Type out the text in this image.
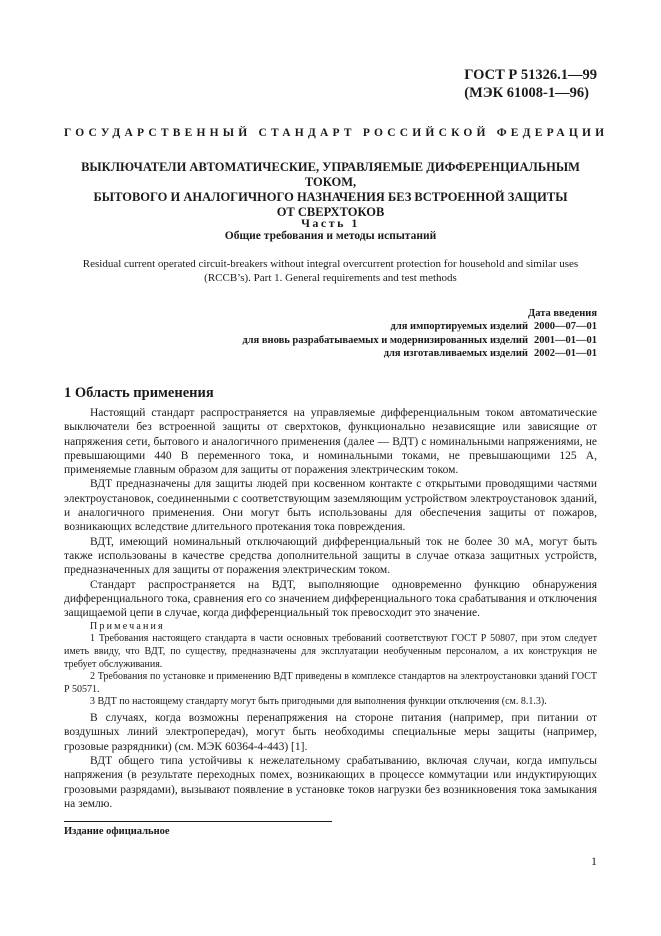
ГОСТ Р 51326.1—99
(МЭК 61008-1—96)
ГОСУДАРСТВЕННЫЙ СТАНДАРТ РОССИЙСКОЙ ФЕДЕРАЦИИ
ВЫКЛЮЧАТЕЛИ АВТОМАТИЧЕСКИЕ, УПРАВЛЯЕМЫЕ ДИФФЕРЕНЦИАЛЬНЫМ ТОКОМ,
БЫТОВОГО И АНАЛОГИЧНОГО НАЗНАЧЕНИЯ БЕЗ ВСТРОЕННОЙ ЗАЩИТЫ
ОТ СВЕРХТОКОВ
Часть 1
Общие требования и методы испытаний
Residual current operated circuit-breakers without integral overcurrent protection for household and similar uses
(RCCB’s). Part 1. General requirements and test methods
Дата введения
для импортируемых изделий 2000—07—01
для вновь разрабатываемых и модернизированных изделий 2001—01—01
для изготавливаемых изделий 2002—01—01
1 Область применения

Настоящий стандарт распространяется на управляемые дифференциальным током автоматические выключатели без встроенной защиты от сверхтоков, функционально независящие или зависящие от напряжения сети, бытового и аналогичного применения (далее — ВДТ) с номинальными напряжениями, не превышающими 440 В переменного тока, и номинальными токами, не превышающими 125 А, применяемые главным образом для защиты от поражения электрическим током.

ВДТ предназначены для защиты людей при косвенном контакте с открытыми проводящими частями электроустановок, соединенными с соответствующим заземляющим устройством электроустановок зданий, и аналогичного применения. Они могут быть использованы для обеспечения защиты от пожаров, возникающих вследствие длительного протекания тока повреждения.

ВДТ, имеющий номинальный отключающий дифференциальный ток не более 30 мА, могут быть также использованы в качестве средства дополнительной защиты в случае отказа защитных устройств, предназначенных для защиты от поражения электрическим током.

Стандарт распространяется на ВДТ, выполняющие одновременно функцию обнаружения дифференциального тока, сравнения его со значением дифференциального тока срабатывания и отключения защищаемой цепи в случае, когда дифференциальный ток превосходит это значение.

Примечания

1 Требования настоящего стандарта в части основных требований соответствуют ГОСТ Р 50807, при этом следует иметь ввиду, что ВДТ, по существу, предназначены для эксплуатации необученным персоналом, а их конструкция не требует обслуживания.

2 Требования по установке и применению ВДТ приведены в комплексе стандартов на электроустановки зданий ГОСТ Р 50571.

3 ВДТ по настоящему стандарту могут быть пригодными для выполнения функции отключения (см. 8.1.3).

В случаях, когда возможны перенапряжения на стороне питания (например, при питании от воздушных линий электропередач), могут быть необходимы специальные меры защиты (например, грозовые разрядники) (см. МЭК 60364-4-443) [1].

ВДТ общего типа устойчивы к нежелательному срабатыванию, включая случаи, когда импульсы напряжения (в результате переходных помех, возникающих в процессе коммутации или индуктирующих грозовыми разрядами), вызывают появление в установке токов нагрузки без возникновения тока замыкания на землю.

Издание официальное
1
